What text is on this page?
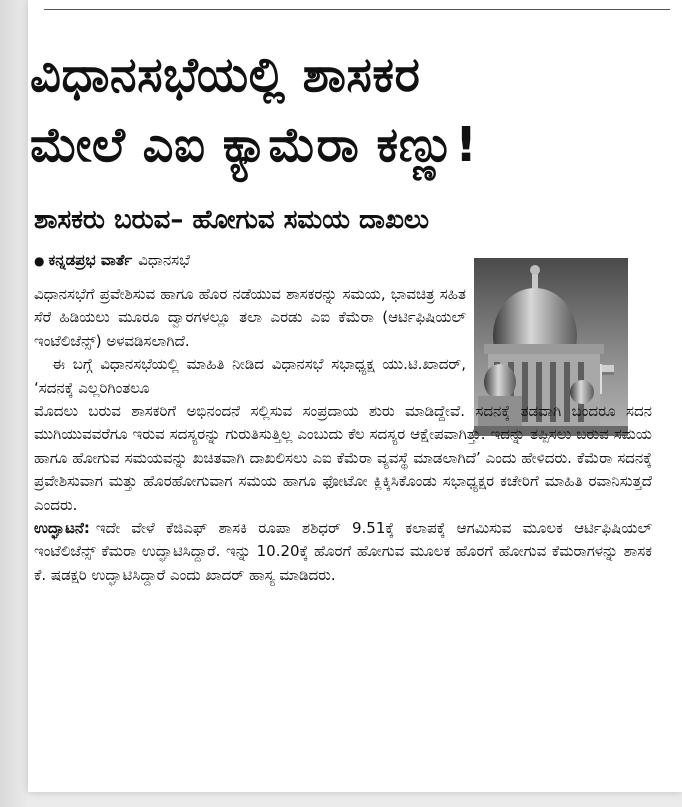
ವಿಧಾನಸಭೆಯಲ್ಲಿ ಶಾಸಕರ
ಮೇಲೆ ಎಐ ಕ್ಯಾಮೆರಾ ಕಣ್ಣು!
ಶಾಸಕರು ಬರುವ– ಹೋಗುವ ಸಮಯ ದಾಖಲು
● ಕನ್ನಡಪ್ರಭ ವಾರ್ತೆ ವಿಧಾನಸಭೆ

ವಿಧಾನಸಭೆಗೆ ಪ್ರವೇಶಿಸುವ ಹಾಗೂ ಹೊರ ನಡೆಯುವ ಶಾಸಕರನ್ನು ಸಮಯ, ಭಾವಚಿತ್ರ ಸಹಿತ ಸೆರೆ ಹಿಡಿಯಲು ಮೂರೂ ದ್ವಾರಗಳಲ್ಲೂ ತಲಾ ಎರಡು ಎಐ ಕೆಮೆರಾ (ಆರ್ಟಿಫಿಷಿಯಲ್ ಇಂಟೆಲಿಜೆನ್ಸ್) ಅಳವಡಿಸಲಾಗಿದೆ.

ಈ ಬಗ್ಗೆ ವಿಧಾನಸಭೆಯಲ್ಲಿ ಮಾಹಿತಿ ನೀಡಿದ ವಿಧಾನಸಭೆ ಸಭಾಧ್ಯಕ್ಷ ಯು.ಟಿ.ಖಾದರ್, ‘ಸದನಕ್ಕೆ ಎಲ್ಲರಿಗಿಂತಲೂ

ಮೊದಲು ಬರುವ ಶಾಸಕರಿಗೆ ಅಭಿನಂದನೆ ಸಲ್ಲಿಸುವ ಸಂಪ್ರದಾಯ ಶುರು ಮಾಡಿದ್ದೇವೆ. ಸದನಕ್ಕೆ ತಡವಾಗಿ ಬಂದರೂ ಸದನ ಮುಗಿಯುವವರೆಗೂ ಇರುವ ಸದಸ್ಯರನ್ನು ಗುರುತಿಸುತ್ತಿಲ್ಲ ಎಂಬುದು ಕೆಲ ಸದಸ್ಯರ ಆಕ್ಷೇಪವಾಗಿತ್ತು. ಇದನ್ನು ತಪ್ಪಿಸಲು ಬರುವ ಸಮಯ ಹಾಗೂ ಹೋಗುವ ಸಮಯವನ್ನು ಖಚಿತವಾಗಿ ದಾಖಲಿಸಲು ಎಐ ಕೆಮೆರಾ ವ್ಯವಸ್ಥೆ ಮಾಡಲಾಗಿದೆ’ ಎಂದು ಹೇಳಿದರು. ಕೆಮೆರಾ ಸದನಕ್ಕೆ ಪ್ರವೇಶಿಸುವಾಗ ಮತ್ತು ಹೊರಹೋಗುವಾಗ ಸಮಯ ಹಾಗೂ ಫೋಟೋ ಕ್ಲಿಕ್ಕಿಸಿಕೊಂಡು ಸಭಾಧ್ಯಕ್ಷರ ಕಚೇರಿಗೆ ಮಾಹಿತಿ ರವಾನಿಸುತ್ತದೆ ಎಂದರು.

ಉದ್ಘಾಟನೆ: ಇದೇ ವೇಳೆ ಕೆಜಿಎಫ್ ಶಾಸಕಿ ರೂಪಾ ಶಶಿಧರ್ 9.51ಕ್ಕೆ ಕಲಾಪಕ್ಕೆ ಆಗಮಿಸುವ ಮೂಲಕ ಆರ್ಟಿಫಿಷಿಯಲ್ ಇಂಟೆಲಿಜೆನ್ಸ್ ಕೆಮರಾ ಉದ್ಘಾಟಿಸಿದ್ದಾರೆ. ಇನ್ನು 10.20ಕ್ಕೆ ಹೊರಗೆ ಹೋಗುವ ಮೂಲಕ ಹೊರಗೆ ಹೋಗುವ ಕೆಮರಾಗಳನ್ನು ಶಾಸಕ ಕೆ. ಷಡಕ್ಷರಿ ಉದ್ಘಾಟಿಸಿದ್ದಾರೆ ಎಂದು ಖಾದರ್ ಹಾಸ್ಯ ಮಾಡಿದರು.
